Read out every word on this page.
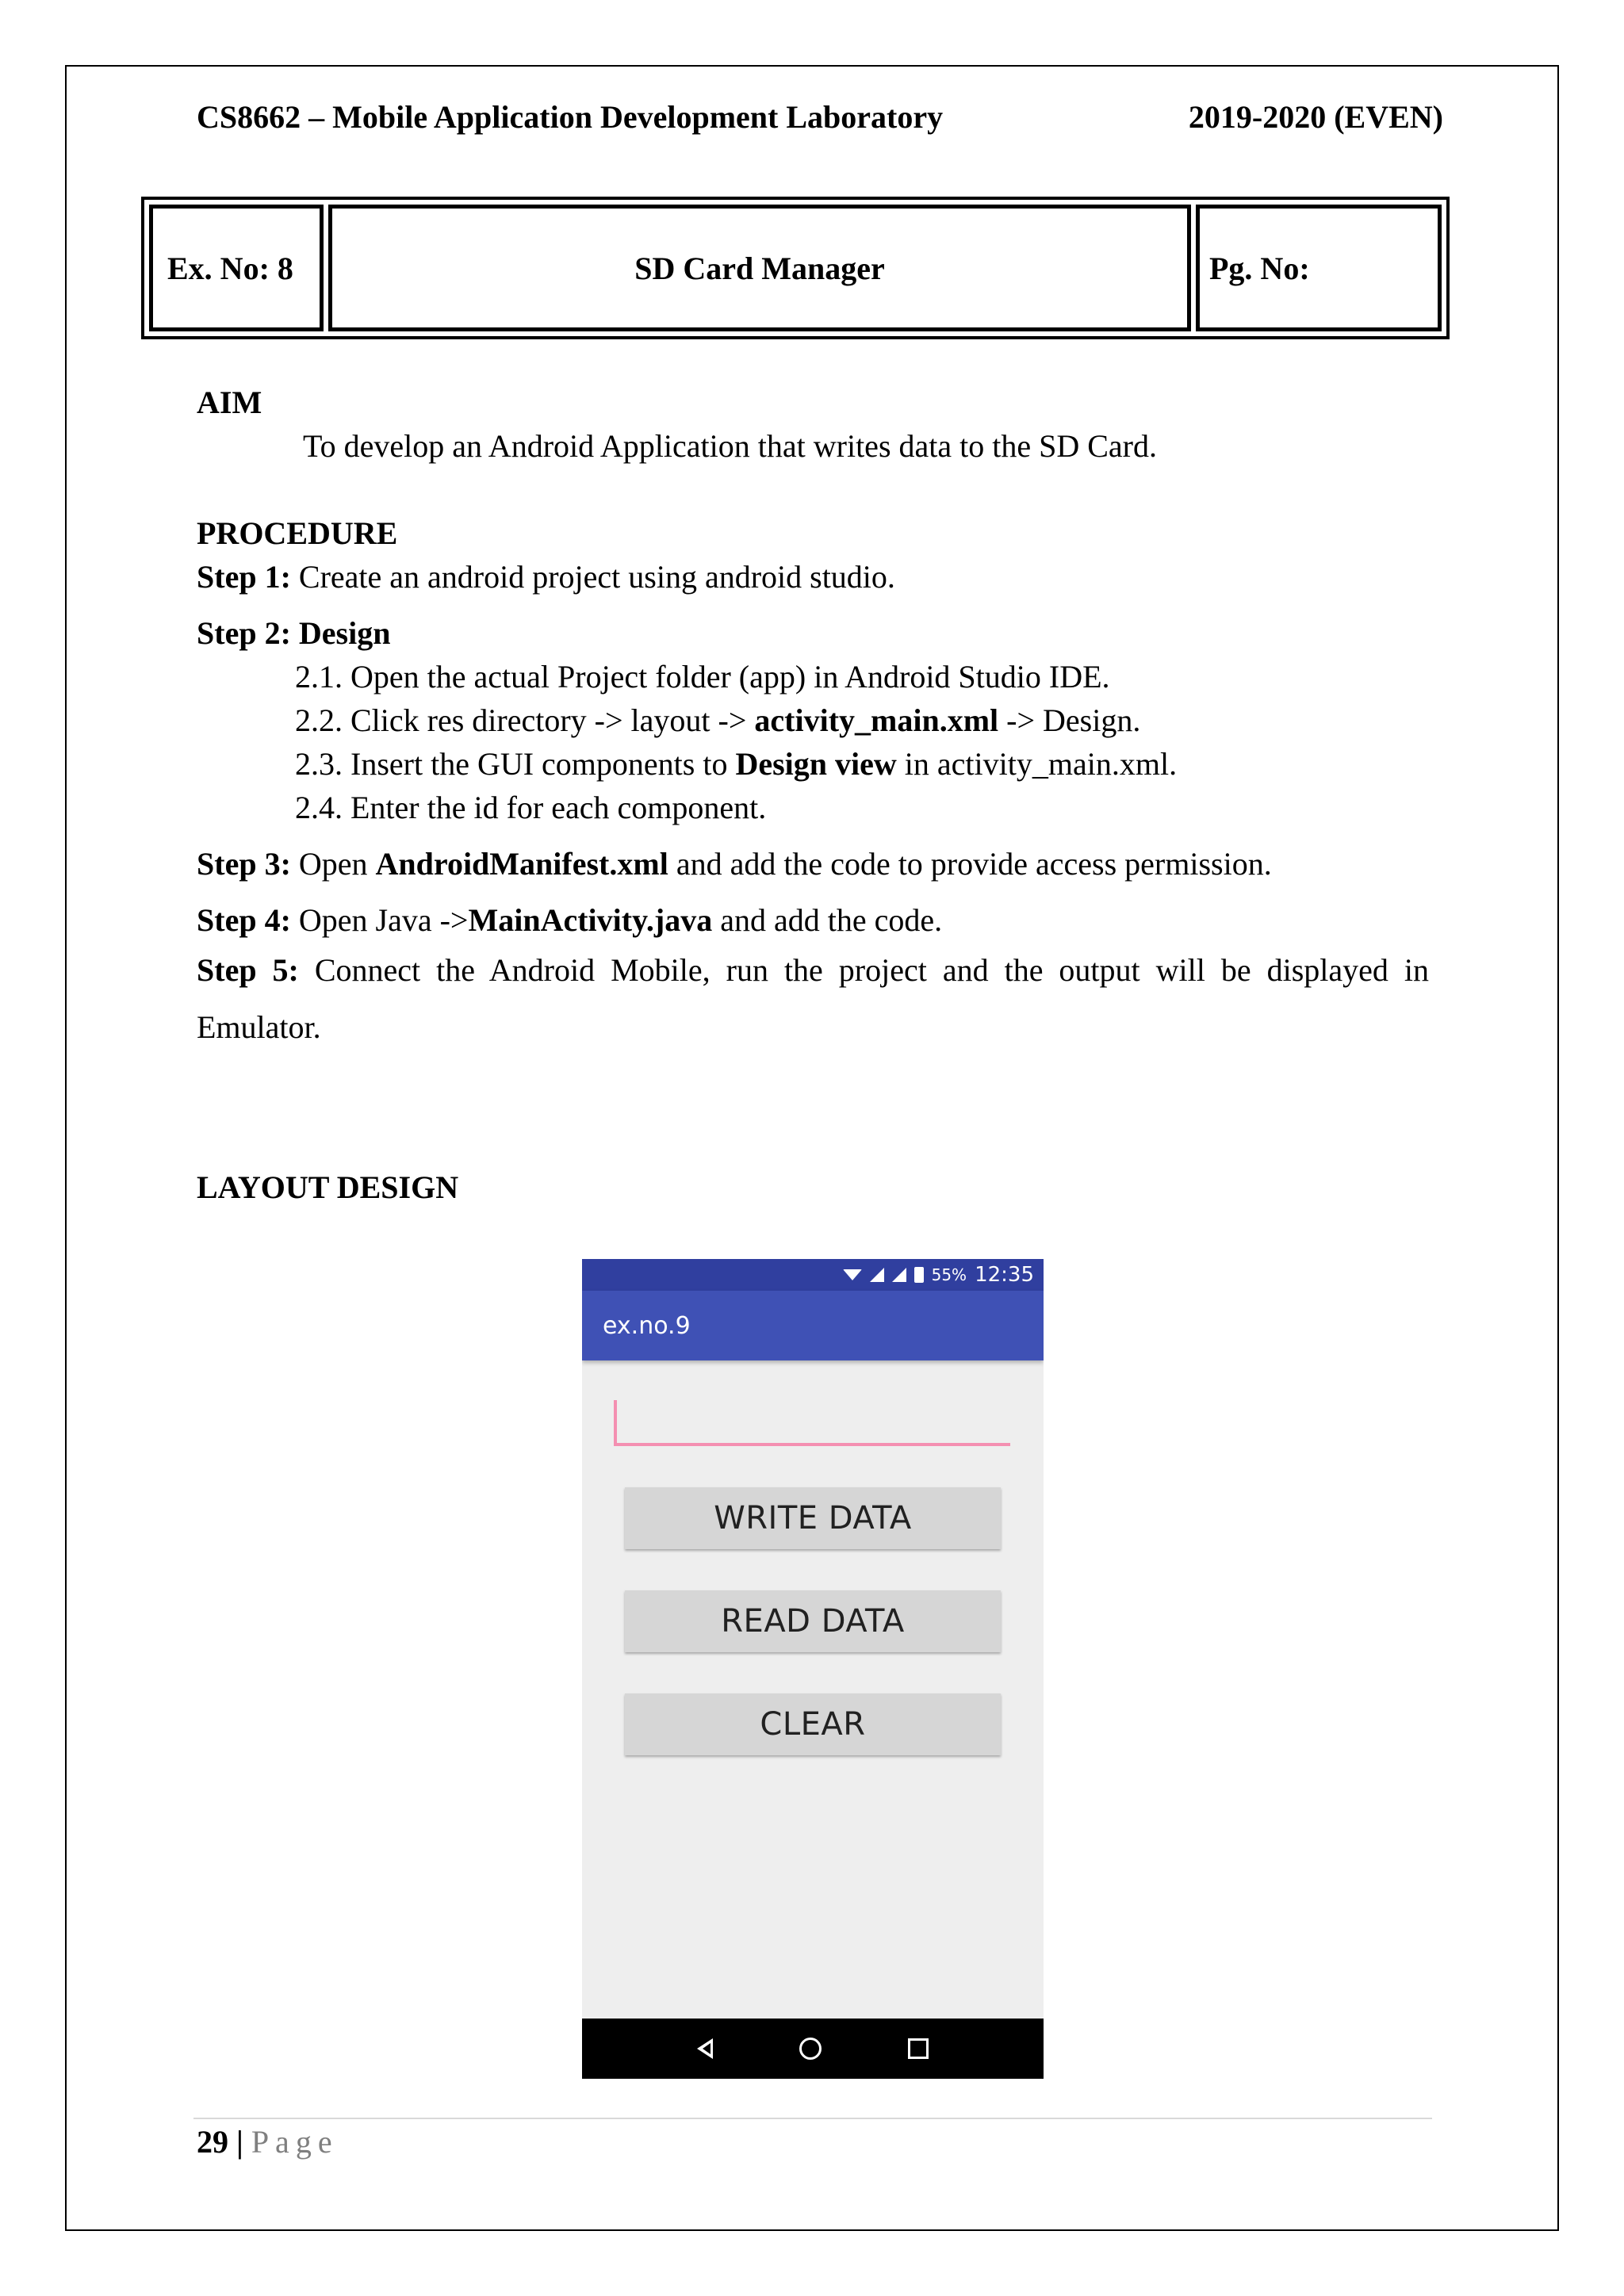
CS8662 – Mobile Application Development Laboratory	2019-2020 (EVEN)
Ex. No: 8	SD Card Manager	Pg. No:
AIM
To develop an Android Application that writes data to the SD Card.
PROCEDURE

Step 1: Create an android project using android studio.

Step 2: Design

2.1. Open the actual Project folder (app) in Android Studio IDE.
2.2. Click res directory -> layout -> activity_main.xml -> Design.
2.3. Insert the GUI components to Design view in activity_main.xml.
2.4. Enter the id for each component.

Step 3: Open AndroidManifest.xml and add the code to provide access permission.

Step 4: Open Java ->MainActivity.java and add the code.

Step 5: Connect the Android Mobile, run the project and the output will be displayed in

Emulator.

LAYOUT DESIGN
55% 12:35
ex.no.9
WRITE DATA
READ DATA
CLEAR
29 | Page
